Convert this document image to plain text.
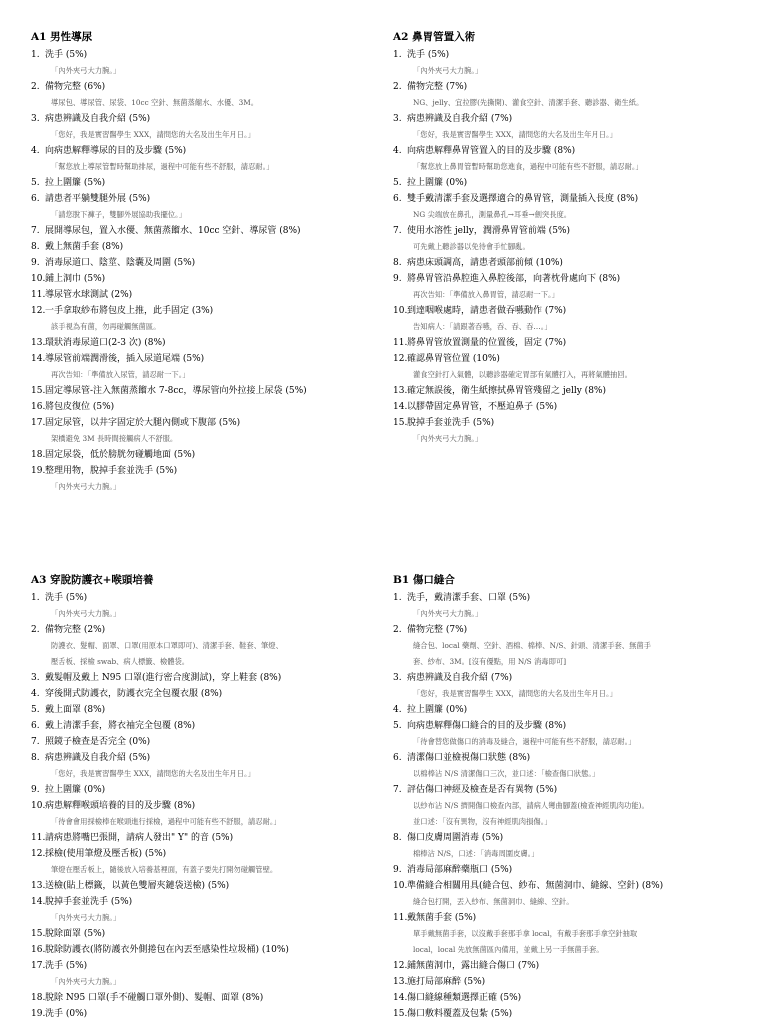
A1 男性導尿
1. 洗手 (5%)
「內外夾弓大力腕。」
2. 備物完整 (6%)
導尿包、導尿管、尿袋、10cc 空針、無菌蒸餾水、水優、3M。
3. 病患辨識及自我介紹 (5%)
「您好，我是實習醫學生 XXX，請問您的大名及出生年月日。」
4. 向病患解釋導尿的目的及步驟 (5%)
「幫您放上導尿管暫時幫助排尿，過程中可能有些不舒服，請忍耐。」
5. 拉上圍簾 (5%)
6. 請患者平躺雙腿外展 (5%)
「請您脫下褲子，雙腳外展協助我擺位。」
7. 展開導尿包，置入水優、無菌蒸餾水、10cc 空針、導尿管 (8%)
8. 戴上無菌手套 (8%)
9. 消毒尿道口、陰莖、陰囊及周圍 (5%)
10. 鋪上洞巾 (5%)
11. 導尿管水球測試 (2%)
12. 一手拿取紗布將包皮上推，此手固定 (3%)
該手視為有菌，勿再碰觸無菌區。
13. 環狀消毒尿道口(2-3 次) (8%)
14. 導尿管前端潤滑後，插入尿道尾端 (5%)
再次告知：「準備放入尿管，請忍耐一下。」
15. 固定導尿管-注入無菌蒸餾水 7-8cc，導尿管向外拉接上尿袋 (5%)
16. 將包皮復位 (5%)
17. 固定尿管，以井字固定於大腿內側或下腹部 (5%)
架橋避免 3M 長時間接觸病人不舒服。
18. 固定尿袋，低於膀胱勿碰觸地面 (5%)
19. 整理用物，脫掉手套並洗手 (5%)
「內外夾弓大力腕。」
A2 鼻胃管置入術
1. 洗手 (5%)
「內外夾弓大力腕。」
2. 備物完整 (7%)
NG、jelly、宜拉膠(先撕開)、灌食空針、清潔手套、聽診器、衛生紙。
3. 病患辨識及自我介紹 (7%)
「您好，我是實習醫學生 XXX，請問您的大名及出生年月日。」
4. 向病患解釋鼻胃管置入的目的及步驟 (8%)
「幫您放上鼻胃管暫時幫助您進食，過程中可能有些不舒服，請忍耐。」
5. 拉上圍簾 (0%)
6. 雙手戴清潔手套及選擇適合的鼻胃管，測量插入長度 (8%)
NG 尖端放在鼻孔，測量鼻孔→耳垂→劍突長度。
7. 使用水溶性 jelly，潤滑鼻胃管前端 (5%)
可先戴上聽診器以免待會手忙腳亂。
8. 病患床頭調高，請患者頭部前傾 (10%)
9. 將鼻胃管沿鼻腔進入鼻腔後部，向著枕骨處向下 (8%)
再次告知：「準備放入鼻胃管，請忍耐一下。」
10. 到達咽喉處時，請患者做吞嚥動作 (7%)
告知病人：「請跟著吞嚥，吞、吞、吞…。」
11. 將鼻胃管放置測量的位置後，固定 (7%)
12. 確認鼻胃管位置 (10%)
灌食空針打入氣體，以聽診器確定胃部有氣體打入，再將氣體抽回。
13. 確定無誤後，衛生紙擦拭鼻胃管殘留之 jelly (8%)
14. 以膠帶固定鼻胃管，不壓迫鼻子 (5%)
15. 脫掉手套並洗手 (5%)
「內外夾弓大力腕。」
A3 穿脫防護衣+喉頭培養
1. 洗手 (5%)
「內外夾弓大力腕。」
2. 備物完整 (2%)
防護衣、髮帽、面罩、口罩(用原本口罩即可)、清潔手套、鞋套、筆燈、
壓舌板、採檢 swab、病人標籤、檢體袋。
3. 戴髮帽及戴上 N95 口罩(進行密合度測試)，穿上鞋套 (8%)
4. 穿後開式防護衣，防護衣完全包覆衣服 (8%)
5. 戴上面罩 (8%)
6. 戴上清潔手套，將衣袖完全包覆 (8%)
7. 照鏡子檢查是否完全 (0%)
8. 病患辨識及自我介紹 (5%)
「您好，我是實習醫學生 XXX，請問您的大名及出生年月日。」
9. 拉上圍簾 (0%)
10. 病患解釋喉頭培養的目的及步驟 (8%)
「待會會用採檢棒在喉頭進行採檢，過程中可能有些不舒服，請忍耐。」
11. 請病患將嘴巴張開，請病人發出" Y" 的音 (5%)
12. 採檢(使用筆燈及壓舌板) (5%)
筆燈在壓舌板上，隨後放入培養基裡面，有蓋子要先打開勿碰觸管壁。
13. 送檢(貼上標籤，以黃色雙層夾鏈袋送檢) (5%)
14. 脫掉手套並洗手 (5%)
「內外夾弓大力腕。」
15. 脫除面罩 (5%)
16. 脫除防護衣(將防護衣外側捲包在內丟至感染性垃圾桶) (10%)
17. 洗手 (5%)
「內外夾弓大力腕。」
18. 脫除 N95 口罩(手不碰觸口罩外側)、髮帽、面罩 (8%)
19. 洗手 (0%)
B1 傷口縫合
1. 洗手，戴清潔手套、口罩 (5%)
「內外夾弓大力腕。」
2. 備物完整 (7%)
縫合包、local 藥劑、空針、酒棉、棉棒、N/S、針頭、清潔手套、無菌手
套、紗布、3M。[沒有優點，用 N/S 消毒即可]
3. 病患辨識及自我介紹 (7%)
「您好，我是實習醫學生 XXX，請問您的大名及出生年月日。」
4. 拉上圍簾 (0%)
5. 向病患解釋傷口縫合的目的及步驟 (8%)
「待會替您做傷口的消毒及縫合，過程中可能有些不舒服，請忍耐。」
6. 清潔傷口並檢視傷口狀態 (8%)
以棉棒沾 N/S 清潔傷口三次，並口述：「檢查傷口狀態。」
7. 評估傷口神經及檢查是否有異物 (5%)
以紗布沾 N/S 擠開傷口檢查內部，請病人彎曲腳蓋(檢查神經肌肉功能)。
並口述：「沒有異物，沒有神經肌肉損傷。」
8. 傷口皮膚周圍消毒 (5%)
棉棒沾 N/S，口述：「消毒周圍皮膚。」
9. 消毒局部麻醉藥瓶口 (5%)
10. 準備縫合相關用具(縫合包、紗布、無菌洞巾、縫線、空針) (8%)
縫合包打開，丟入紗布、無菌洞巾、縫線、空針。
11. 戴無菌手套 (5%)
單手戴無菌手套，以沒戴手套那手拿 local，有戴手套那手拿空針抽取
local，local 先放無菌區內備用，並戴上另一手無菌手套。
12. 鋪無菌洞巾，露出縫合傷口 (7%)
13. 施打局部麻醉 (5%)
14. 傷口縫線種類選擇正確 (5%)
15. 傷口敷料覆蓋及包紮 (5%)
